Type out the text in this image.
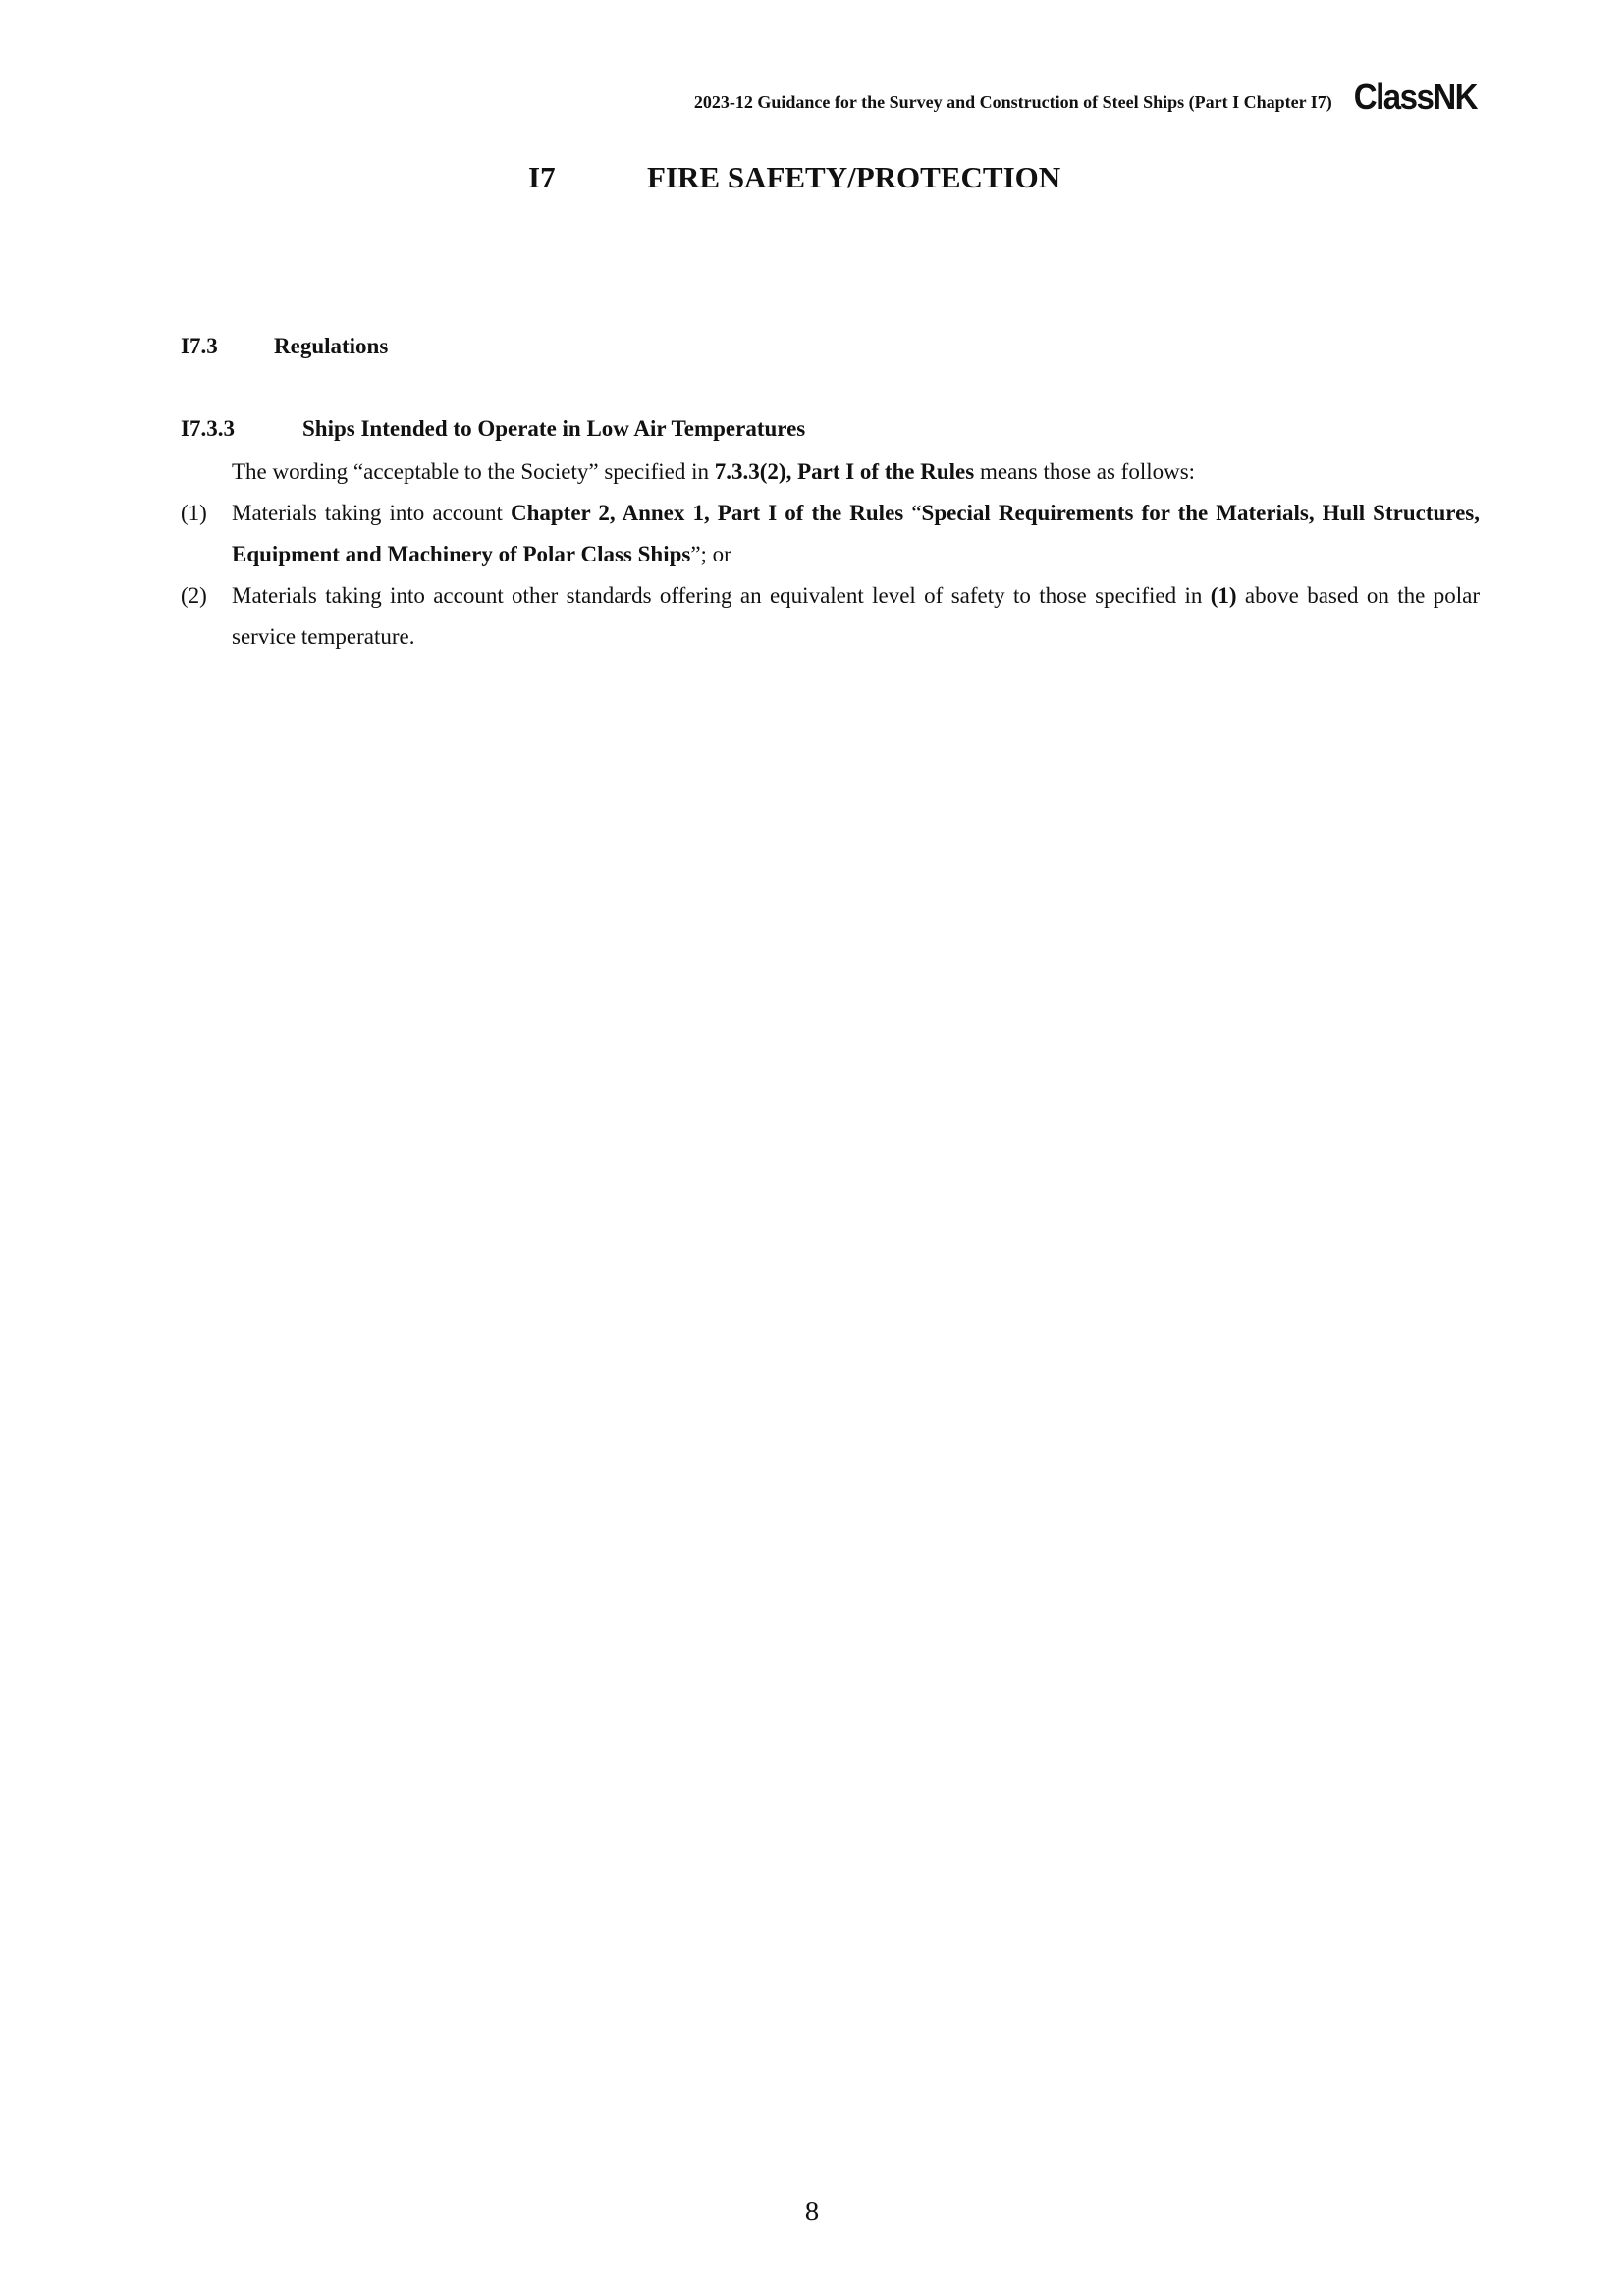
2023-12 Guidance for the Survey and Construction of Steel Ships (Part I Chapter I7) ClassNK
I7	FIRE SAFETY/PROTECTION
I7.3 Regulations
I7.3.3	Ships Intended to Operate in Low Air Temperatures
The wording “acceptable to the Society” specified in 7.3.3(2), Part I of the Rules means those as follows:
(1)	Materials taking into account Chapter 2, Annex 1, Part I of the Rules “Special Requirements for the Materials, Hull Structures, Equipment and Machinery of Polar Class Ships”; or
(2)	Materials taking into account other standards offering an equivalent level of safety to those specified in (1) above based on the polar service temperature.
8
